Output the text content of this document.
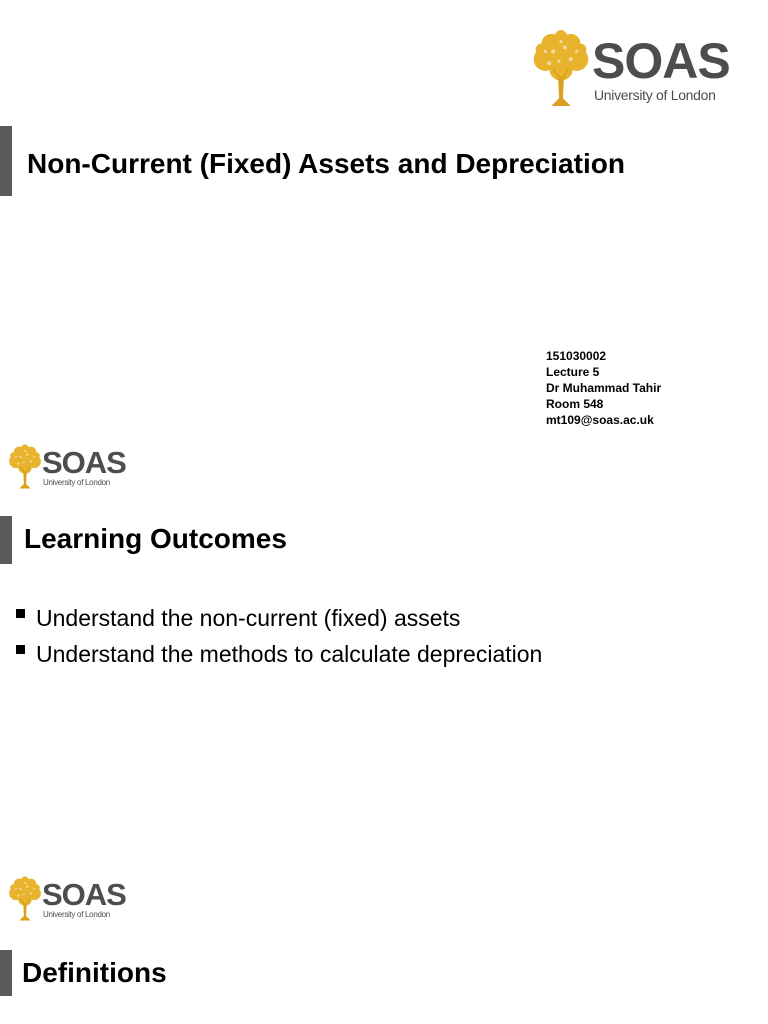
SOAS
University of London
Non-Current (Fixed) Assets and Depreciation
151030002
Lecture 5
Dr Muhammad Tahir
Room 548
mt109@soas.ac.uk
SOAS
University of London
Learning Outcomes
Understand the non-current (fixed) assets
Understand the methods to calculate depreciation
SOAS
University of London
Definitions
